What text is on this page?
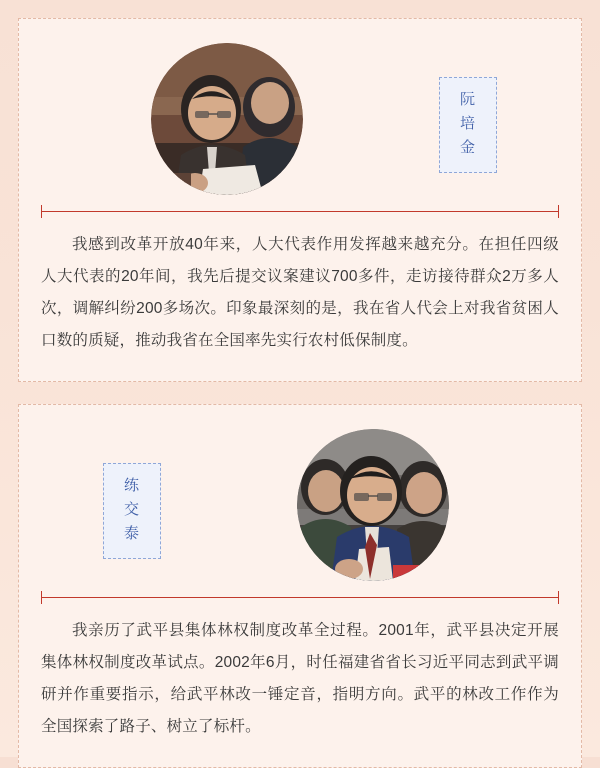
阮
培
金

我感到改革开放40年来，人大代表作用发挥越来越充分。在担任四级人大代表的20年间，我先后提交议案建议700多件，走访接待群众2万多人次，调解纠纷200多场次。印象最深刻的是，我在省人代会上对我省贫困人口数的质疑，推动我省在全国率先实行农村低保制度。

练
交
泰

我亲历了武平县集体林权制度改革全过程。2001年，武平县决定开展集体林权制度改革试点。2002年6月，时任福建省省长习近平同志到武平调研并作重要指示，给武平林改一锤定音，指明方向。武平的林改工作作为全国探索了路子、树立了标杆。
